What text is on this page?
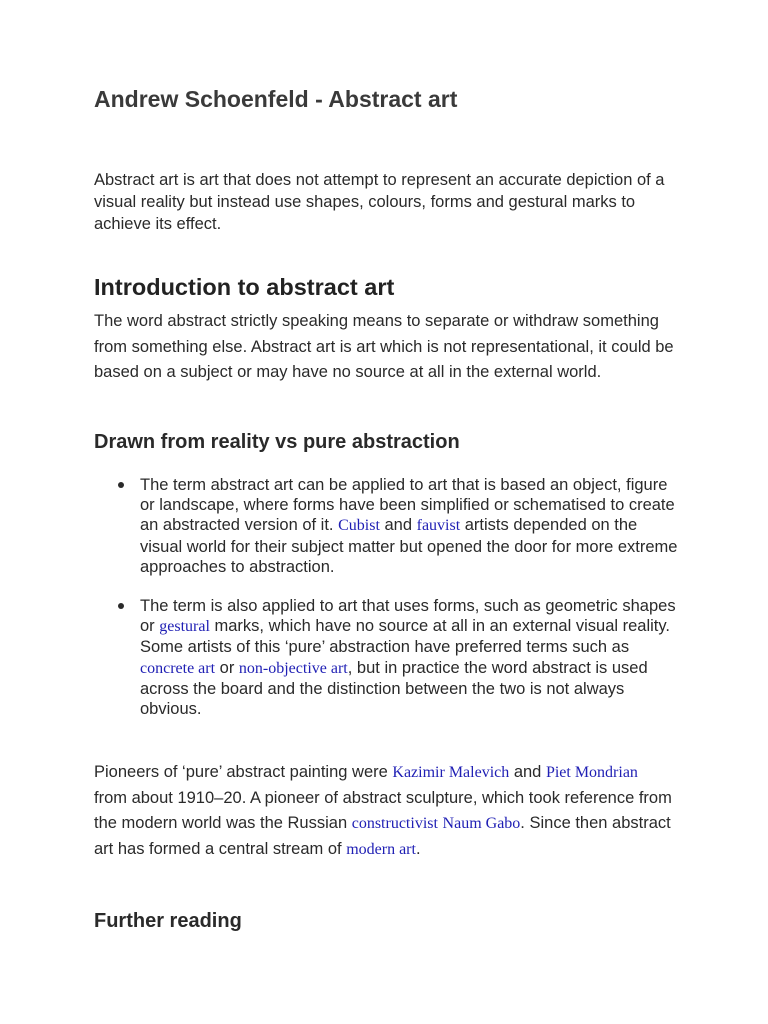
Andrew Schoenfeld - Abstract art

Abstract art is art that does not attempt to represent an accurate depiction of a visual reality but instead use shapes, colours, forms and gestural marks to achieve its effect.

Introduction to abstract art

The word abstract strictly speaking means to separate or withdraw something from something else. Abstract art is art which is not representational, it could be based on a subject or may have no source at all in the external world.

Drawn from reality vs pure abstraction
The term abstract art can be applied to art that is based an object, figure or landscape, where forms have been simplified or schematised to create an abstracted version of it. Cubist and fauvist artists depended on the visual world for their subject matter but opened the door for more extreme approaches to abstraction.
The term is also applied to art that uses forms, such as geometric shapes or gestural marks, which have no source at all in an external visual reality. Some artists of this ‘pure’ abstraction have preferred terms such as concrete art or non-objective art, but in practice the word abstract is used across the board and the distinction between the two is not always obvious.

Pioneers of ‘pure’ abstract painting were Kazimir Malevich and Piet Mondrian from about 1910–20. A pioneer of abstract sculpture, which took reference from the modern world was the Russian constructivist Naum Gabo. Since then abstract art has formed a central stream of modern art.

Further reading
